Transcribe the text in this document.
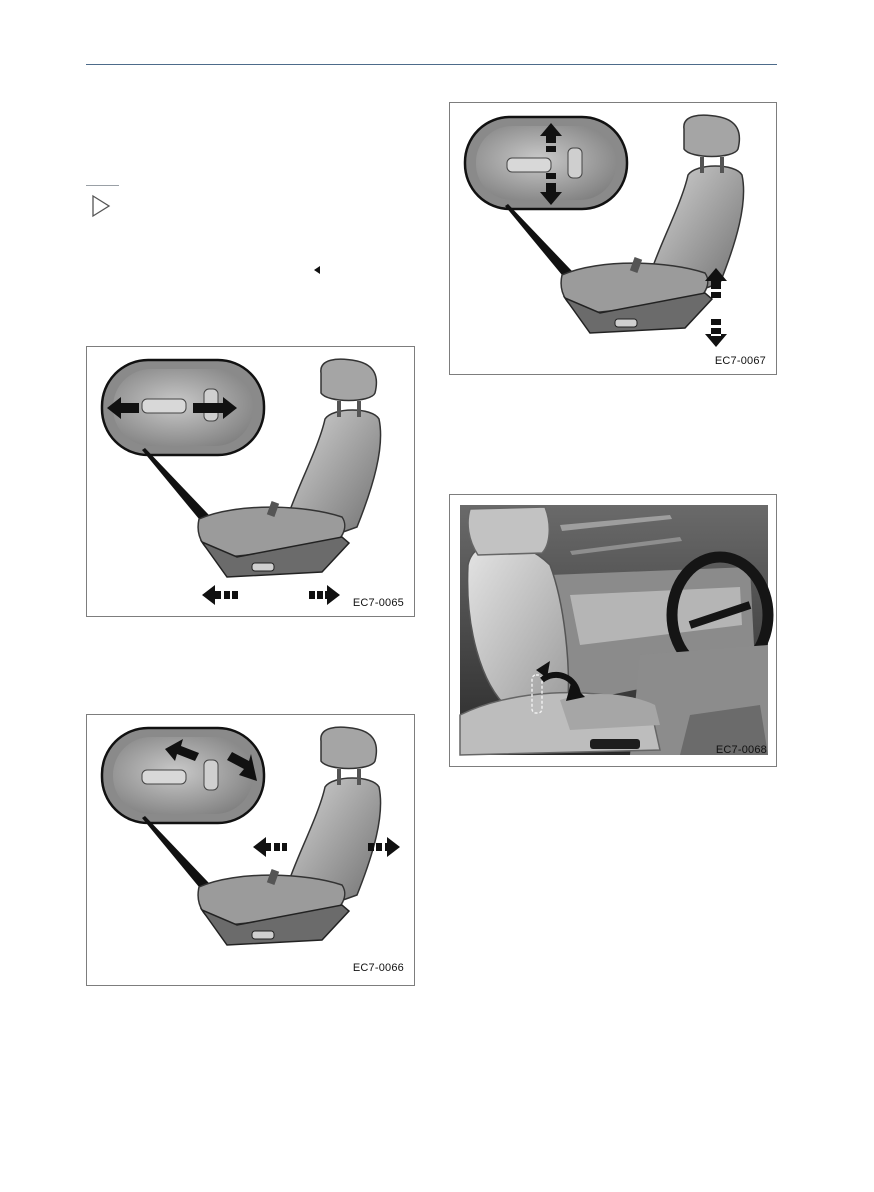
EC7-0065
EC7-0066
EC7-0067
EC7-0068
